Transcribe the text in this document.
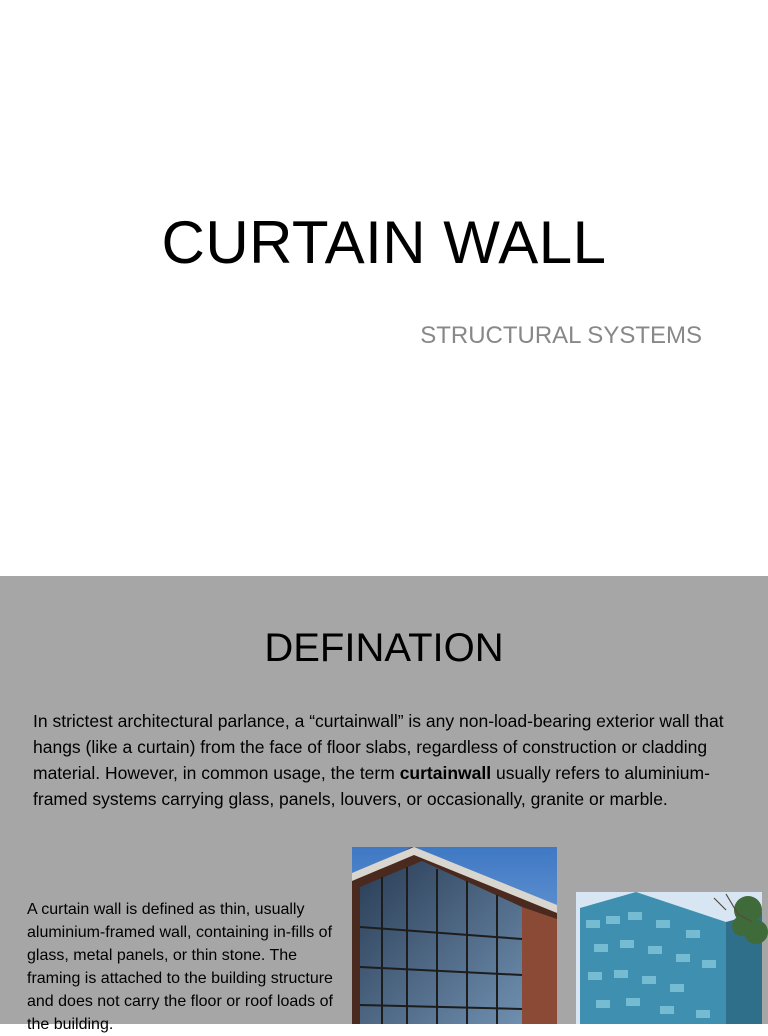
CURTAIN WALL
STRUCTURAL SYSTEMS
DEFINATION
In strictest architectural parlance, a “curtainwall” is any non-load-bearing exterior wall that hangs (like a curtain) from the face of floor slabs, regardless of construction or cladding material. However, in common usage, the term curtainwall usually refers to aluminium- framed systems carrying glass, panels, louvers, or occasionally, granite or marble.
A curtain wall is defined as thin, usually aluminium-framed wall, containing in-fills of glass, metal panels, or thin stone. The framing is attached to the building structure and does not carry the floor or roof loads of the building.
